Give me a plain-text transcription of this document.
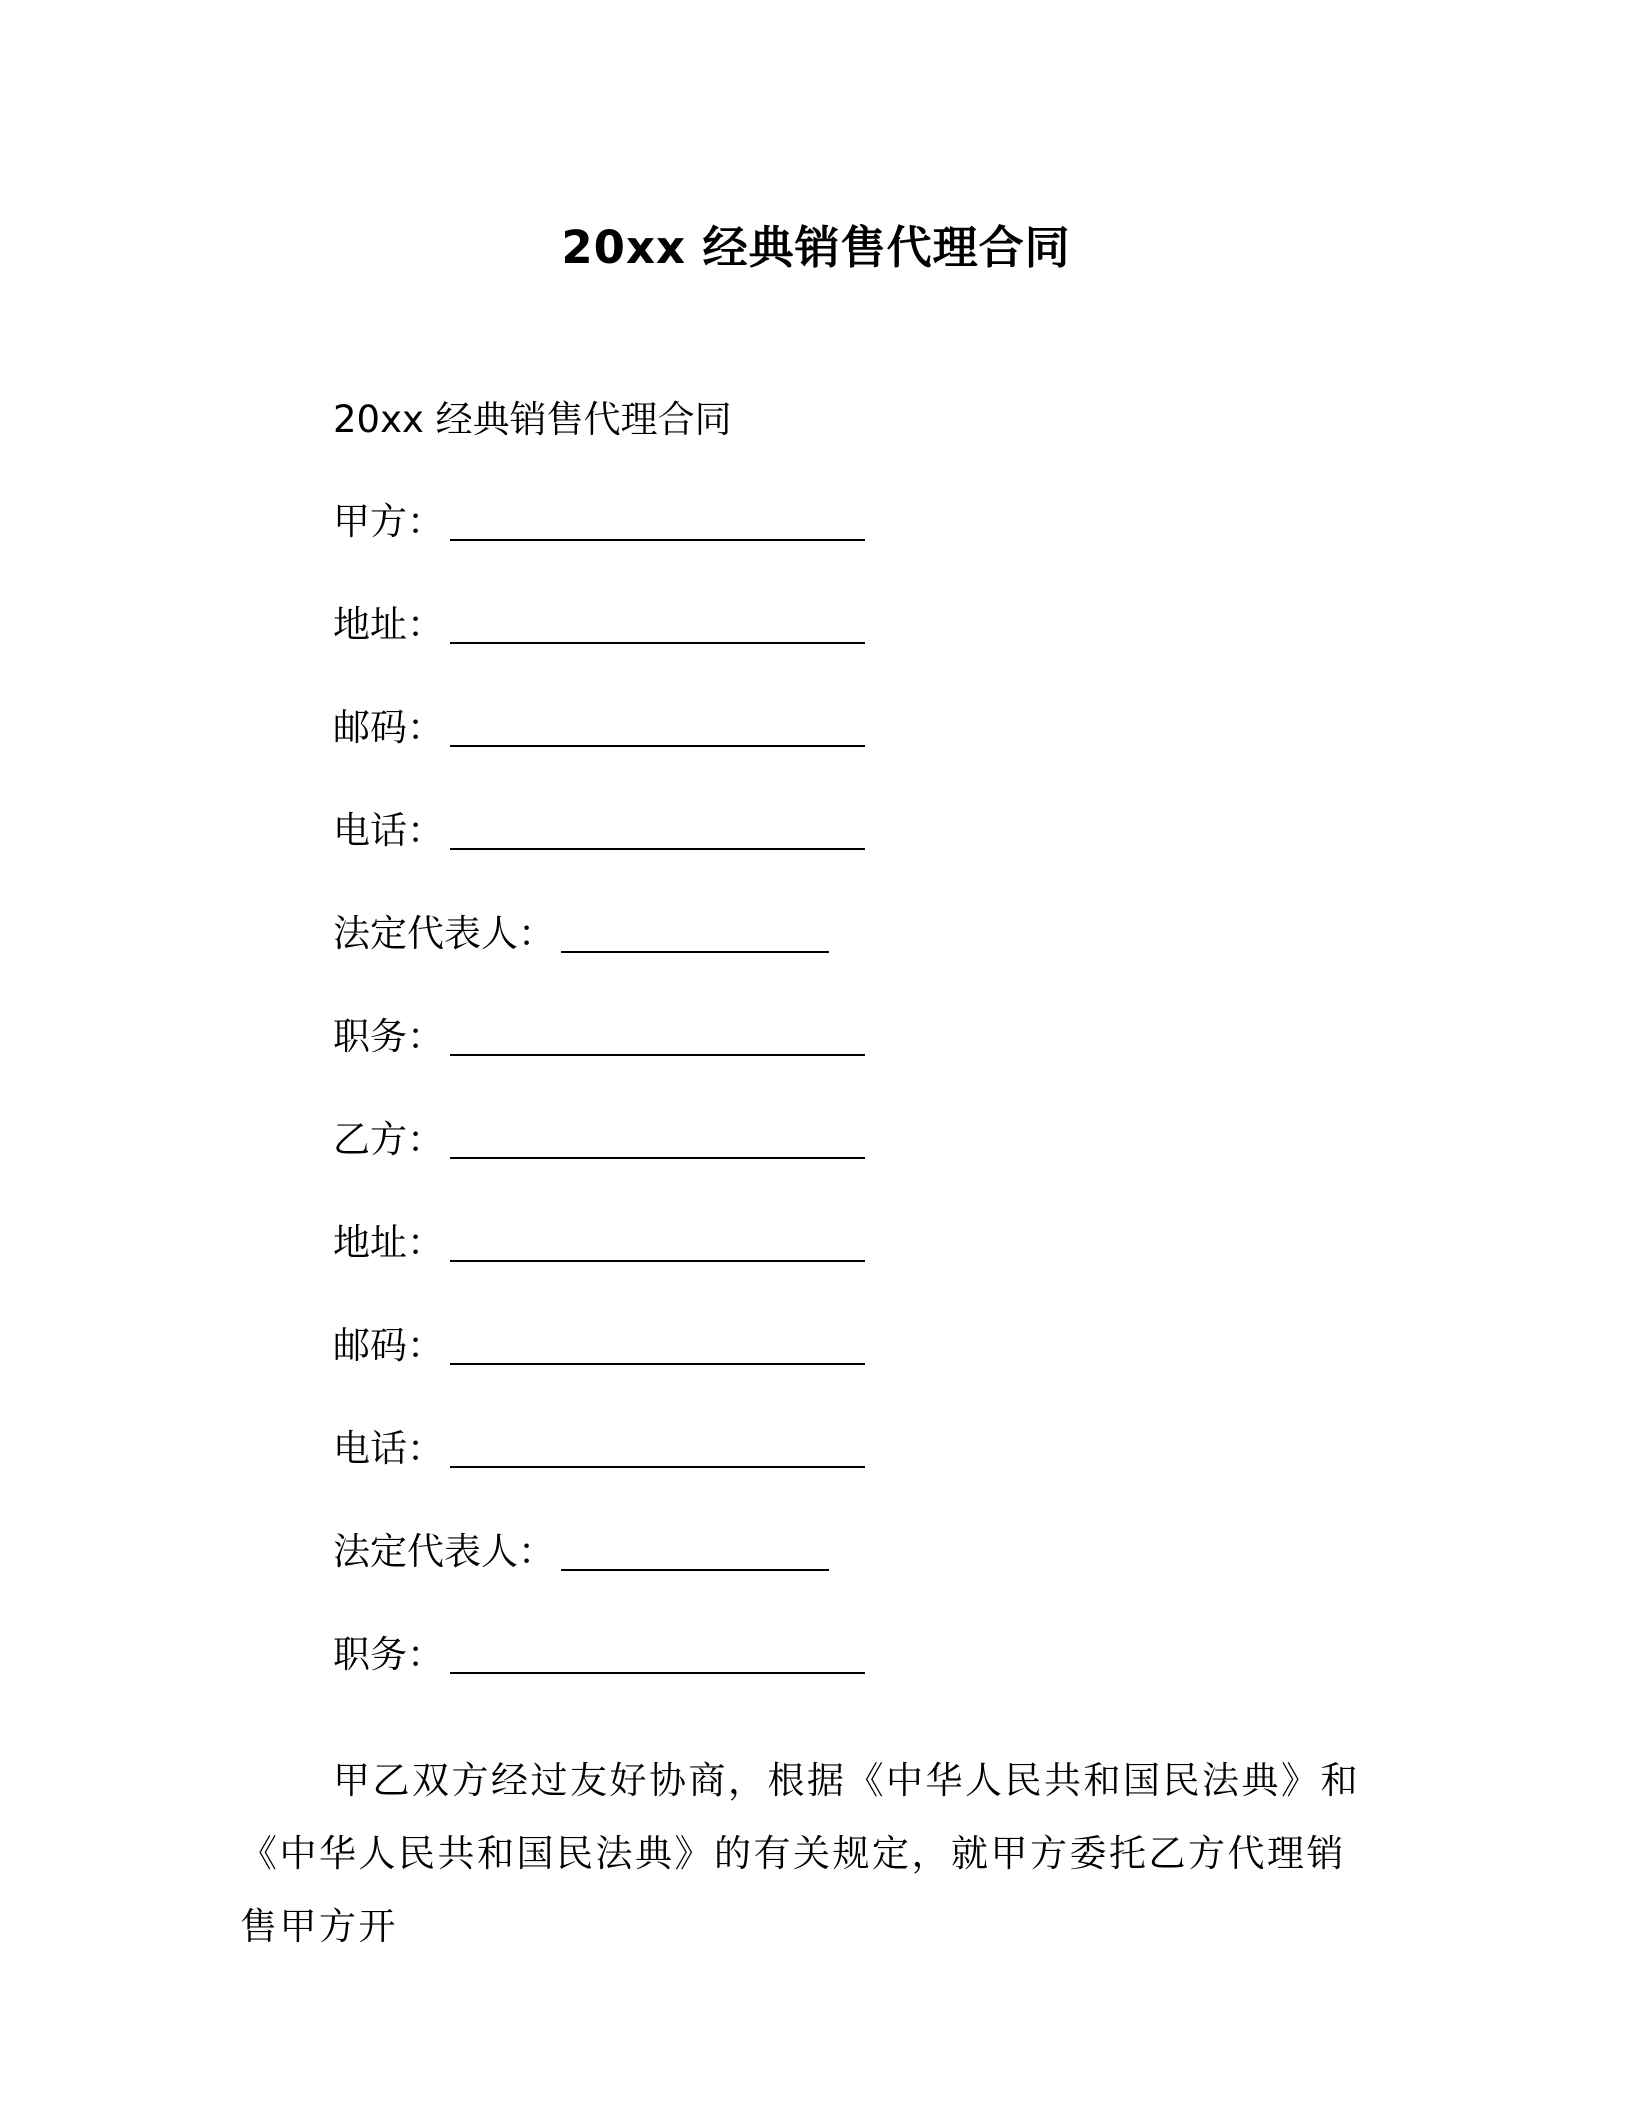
20xx 经典销售代理合同
20xx 经典销售代理合同
甲方：
地址：
邮码：
电话：
法定代表人：
职务：
乙方：
地址：
邮码：
电话：
法定代表人：
职务：
甲乙双方经过友好协商，根据《中华人民共和国民法典》和《中华人民共和国民法典》的有关规定，就甲方委托乙方代理销售甲方开
